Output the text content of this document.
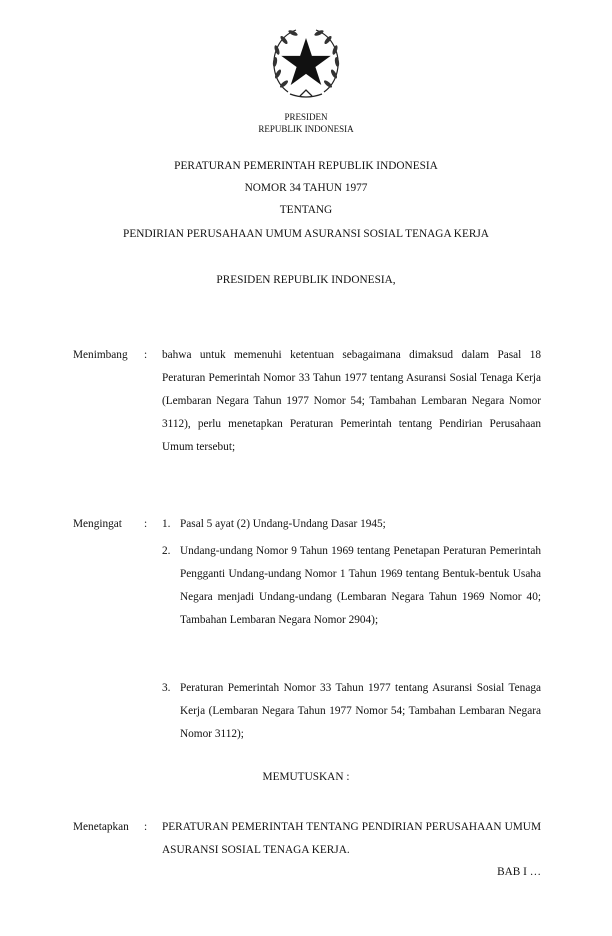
PRESIDEN
REPUBLIK INDONESIA
PERATURAN PEMERINTAH REPUBLIK INDONESIA
NOMOR 34 TAHUN 1977
TENTANG
PENDIRIAN PERUSAHAAN UMUM ASURANSI SOSIAL TENAGA KERJA
PRESIDEN REPUBLIK INDONESIA,
Menimbang : bahwa untuk memenuhi ketentuan sebagaimana dimaksud dalam Pasal 18 Peraturan Pemerintah Nomor 33 Tahun 1977 tentang Asuransi Sosial Tenaga Kerja (Lembaran Negara Tahun 1977 Nomor 54; Tambahan Lembaran Negara Nomor 3112), perlu menetapkan Peraturan Pemerintah tentang Pendirian Perusahaan Umum tersebut;
Mengingat : 1. Pasal 5 ayat (2) Undang-Undang Dasar 1945;
2. Undang-undang Nomor 9 Tahun 1969 tentang Penetapan Peraturan Pemerintah Pengganti Undang-undang Nomor 1 Tahun 1969 tentang Bentuk-bentuk Usaha Negara menjadi Undang-undang (Lembaran Negara Tahun 1969 Nomor 40; Tambahan Lembaran Negara Nomor 2904);
3. Peraturan Pemerintah Nomor 33 Tahun 1977 tentang Asuransi Sosial Tenaga Kerja (Lembaran Negara Tahun 1977 Nomor 54; Tambahan Lembaran Negara Nomor 3112);
MEMUTUSKAN :
Menetapkan : PERATURAN PEMERINTAH TENTANG PENDIRIAN PERUSAHAAN UMUM ASURANSI SOSIAL TENAGA KERJA.
BAB I …
